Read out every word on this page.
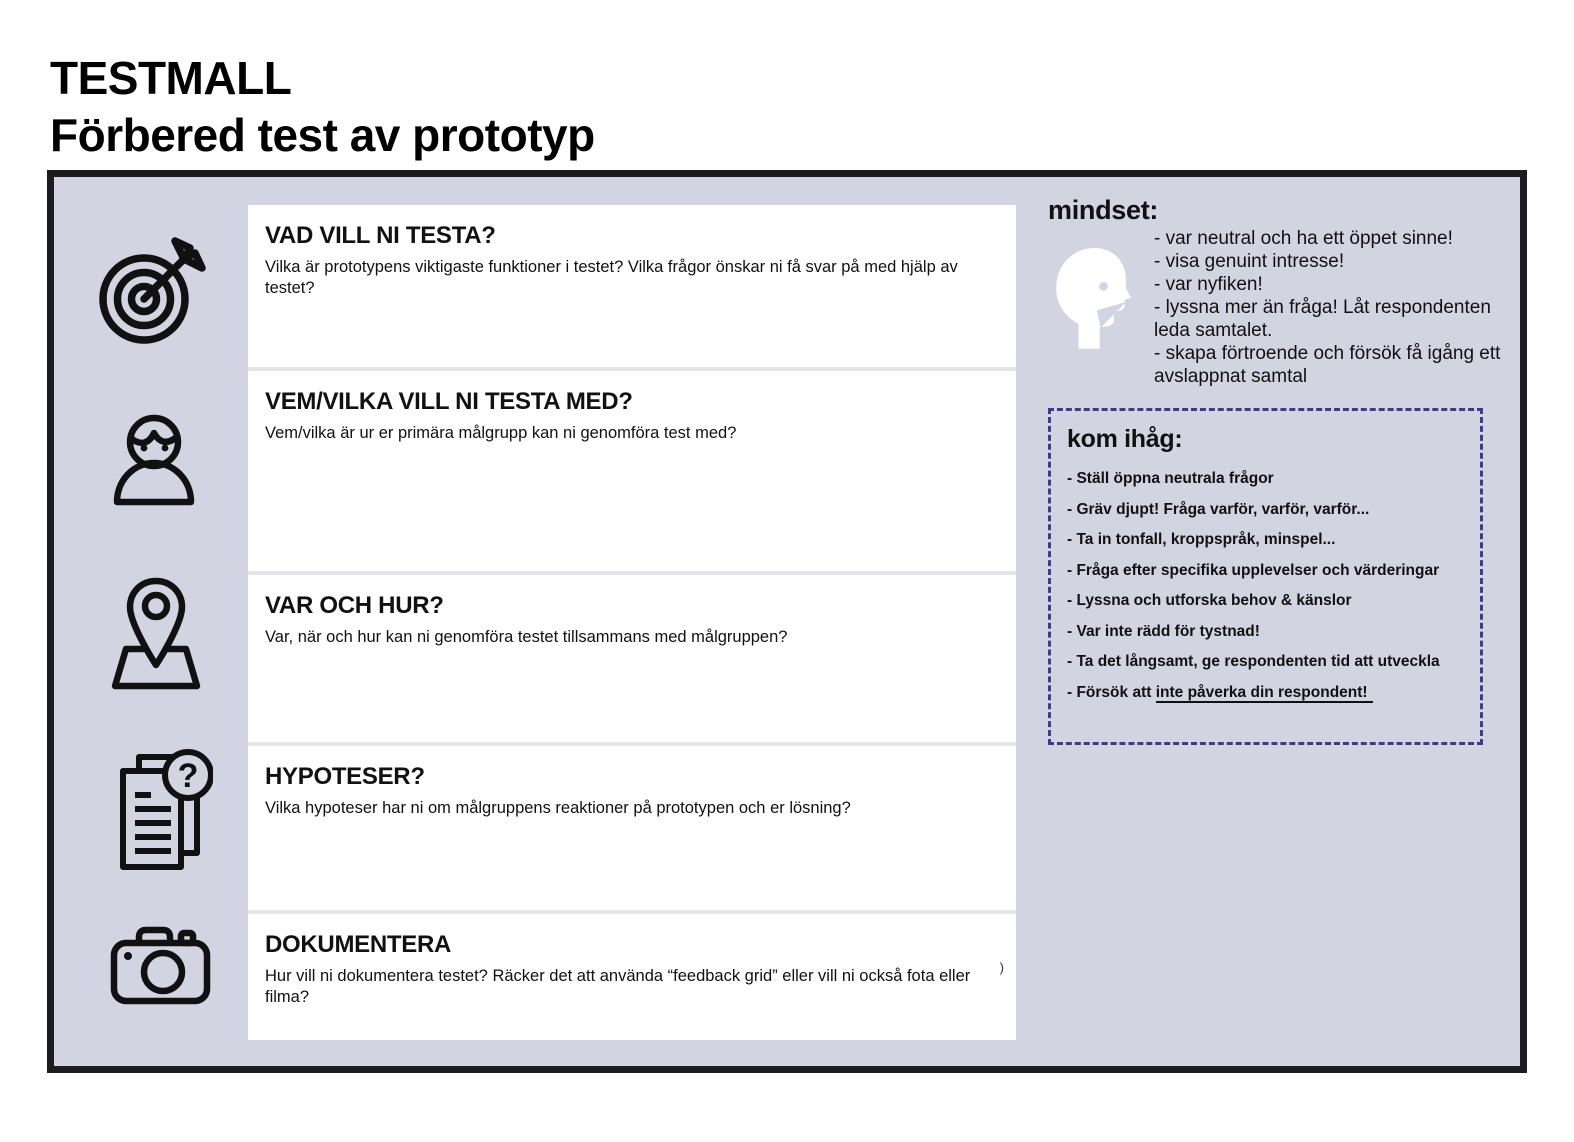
TESTMALL
Förbered test av prototyp
?
VAD VILL NI TESTA?

Vilka är prototypens viktigaste funktioner i testet? Vilka frågor önskar ni få svar på med hjälp av testet?

VEM/VILKA VILL NI TESTA MED?

Vem/vilka är ur er primära målgrupp kan ni genomföra test med?

VAR OCH HUR?

Var, när och hur kan ni genomföra testet tillsammans med målgruppen?

HYPOTESER?

Vilka hypoteser har ni om målgruppens reaktioner på prototypen och er lösning?

DOKUMENTERA

Hur vill ni dokumentera testet? Räcker det att använda “feedback grid” eller vill ni också fota eller filma?

)
mindset:
- var neutral och ha ett öppet sinne!
- visa genuint intresse!
- var nyfiken!
- lyssna mer än fråga! Låt respondenten leda samtalet.
- skapa förtroende och försök få igång ett avslappnat samtal
kom ihåg:
- Ställ öppna neutrala frågor
- Gräv djupt! Fråga varför, varför, varför...
- Ta in tonfall, kroppspråk, minspel...
- Fråga efter specifika upplevelser och värderingar
- Lyssna och utforska behov & känslor
- Var inte rädd för tystnad!
- Ta det långsamt, ge respondenten tid att utveckla
- Försök att inte påverka din respondent!
